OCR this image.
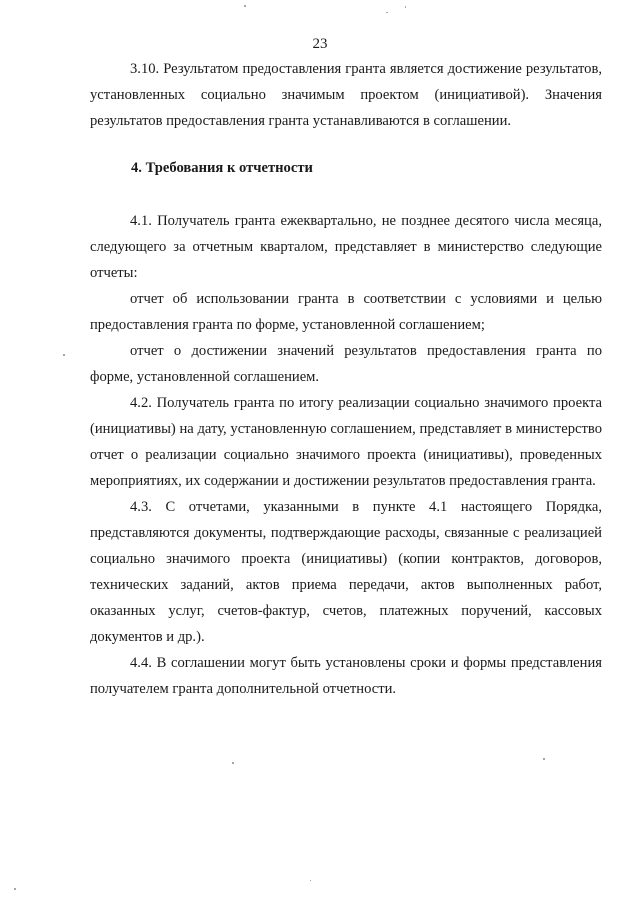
23

3.10. Результатом предоставления гранта является достижение результатов, установленных социально значимым проектом (инициативой). Значения результатов предоставления гранта устанавливаются в соглашении.

4. Требования к отчетности

4.1. Получатель гранта ежеквартально, не позднее десятого числа месяца, следующего за отчетным кварталом, представляет в министерство следующие отчеты:

отчет об использовании гранта в соответствии с условиями и целью предоставления гранта по форме, установленной соглашением;

отчет о достижении значений результатов предоставления гранта по форме, установленной соглашением.

4.2. Получатель гранта по итогу реализации социально значимого проекта (инициативы) на дату, установленную соглашением, представляет в министерство отчет о реализации социально значимого проекта (инициативы), проведенных мероприятиях, их содержании и достижении результатов предоставления гранта.

4.3. С отчетами, указанными в пункте 4.1 настоящего Порядка, представляются документы, подтверждающие расходы, связанные с реализацией социально значимого проекта (инициативы) (копии контрактов, договоров, технических заданий, актов приема передачи, актов выполненных работ, оказанных услуг, счетов-фактур, счетов, платежных поручений, кассовых документов и др.).

4.4. В соглашении могут быть установлены сроки и формы представления получателем гранта дополнительной отчетности.
